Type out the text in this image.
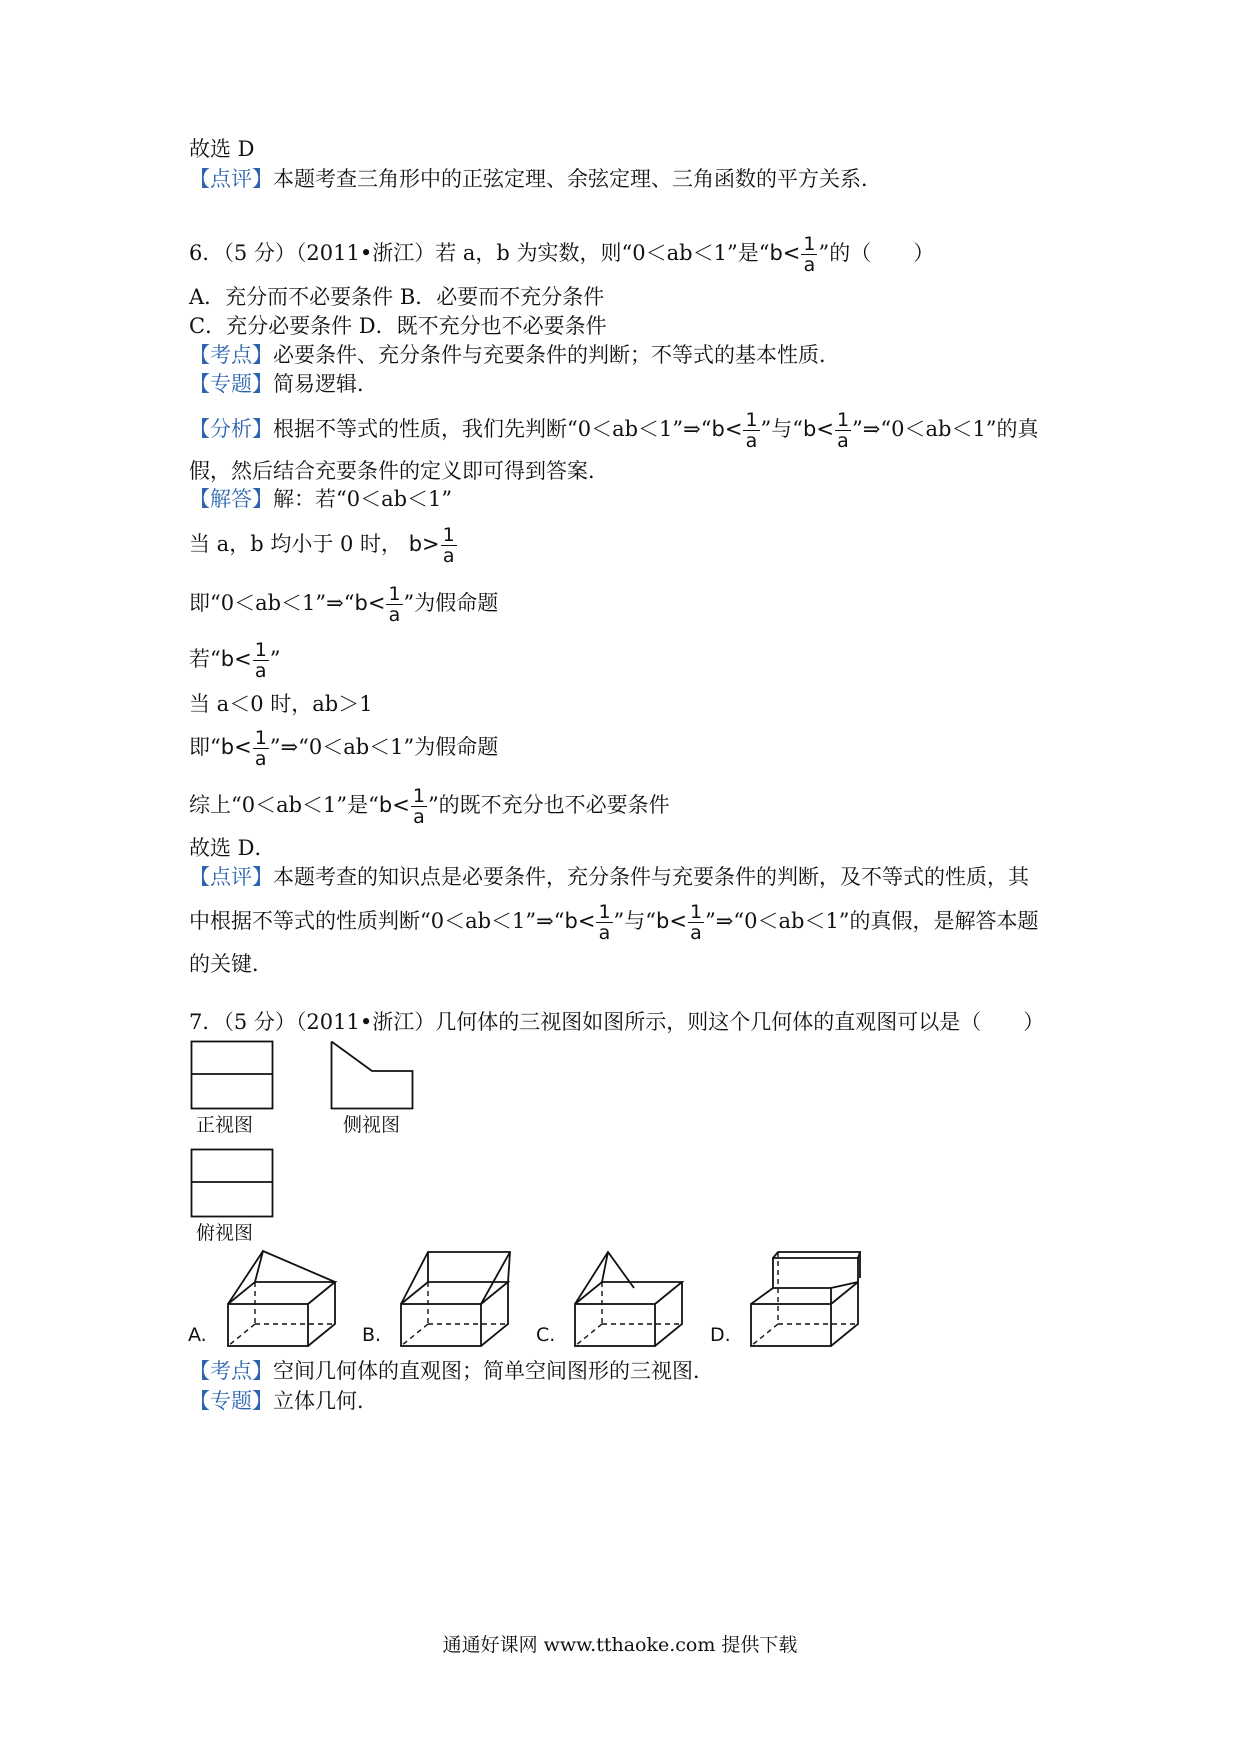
故选 D
【点评】本题考查三角形中的正弦定理、余弦定理、三角函数的平方关系．
6．（5 分）（2011•浙江）若 a，b 为实数，则“0＜ab＜1”是“$b< \frac{1}{a}$ ”的（　　）
A．充分而不必要条件 B．必要而不充分条件
C．充分必要条件 D．既不充分也不必要条件
【考点】必要条件、充分条件与充要条件的判断；不等式的基本性质．
【专题】简易逻辑．
【分析】根据不等式的性质，我们先判断“0＜ab＜1”⇒“b< $\frac{1}{a}$ ”与“$b< \frac{1}{a}$ ”⇒“0＜ab＜1”的真
假，然后结合充要条件的定义即可得到答案．
【解答】解：若“0＜ab＜1”
当 a，b 均小于 0 时， $b> \frac{1}{a}$
即“0＜ab＜1”⇒“b< $\frac{1}{a}$ ”为假命题
若“$b< \frac{1}{a}$ ”
当 a＜0 时，ab＞1
即“$b< \frac{1}{a}$ ”⇒“0＜ab＜1”为假命题
综上“0＜ab＜1”是“$b< \frac{1}{a}$ ”的既不充分也不必要条件
故选 D．
【点评】本题考查的知识点是必要条件，充分条件与充要条件的判断，及不等式的性质，其
中根据不等式的性质判断“0＜ab＜1”⇒“b< $\frac{1}{a}$ ”与“$b< \frac{1}{a}$ ”⇒“0＜ab＜1”的真假，是解答本题
的关键．
7．（5 分）（2011•浙江）几何体的三视图如图所示，则这个几何体的直观图可以是（　　）
正视图	侧视图
俯视图
A.	B.	C.	D.
【考点】空间几何体的直观图；简单空间图形的三视图．
【专题】立体几何．
通通好课网 www.tthaoke.com 提供下载
